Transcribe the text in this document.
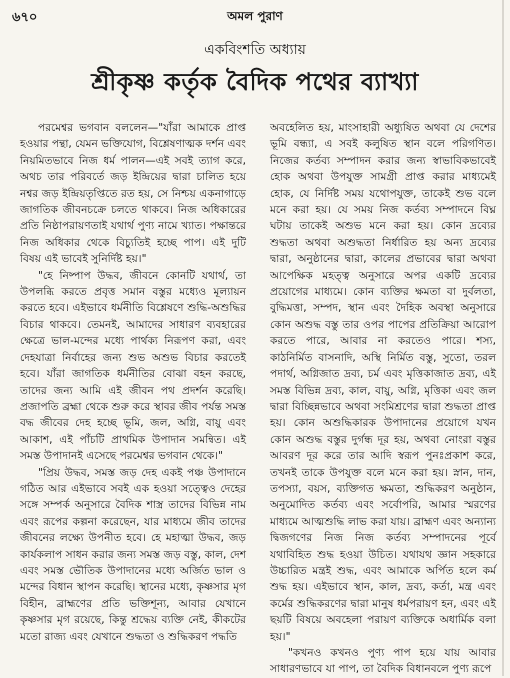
৬৭০	অমল পুরাণ
একবিংশতি অধ্যায়
শ্রীকৃষ্ণ কর্তৃক বৈদিক পথের ব্যাখ্যা

পরমেশ্বর ভগবান বললেন—"যাঁরা আমাকে প্রাপ্ত হওয়ার পন্থা, যেমন ভক্তিযোগ, বিশ্লেষণাত্মক দর্শন এবং নিয়মিতভাবে নিজ ধর্ম পালন—এই সবই ত্যাগ করে, অথচ তার পরিবর্তে জড় ইন্দ্রিয়ের দ্বারা চালিত হয়ে নশ্বর জড় ইন্দ্রিয়তৃপ্তিতে রত হয়, সে নিশ্চয় একনাগাড়ে জাগতিক জীবনচক্রে চলতে থাকবে। নিজ অধিকারের প্রতি নিষ্ঠাপরায়ণতাই যথার্থ পুণ্য নামে খ্যাত। পক্ষান্তরে নিজ অধিকার থেকে বিচ্যুতিই হচ্ছে পাপ। এই দুটি বিষয় এই ভাবেই সুনির্দিষ্ট হয়।"

"হে নিষ্পাপ উদ্ধব, জীবনে কোনটি যথার্থ, তা উপলব্ধি করতে প্রবৃত্ত সমান বস্তুর মধ্যেও মূল্যায়ন করতে হবে। এইভাবে ধর্মনীতি বিশ্লেষণে শুদ্ধি-অশুদ্ধির বিচার থাকবে। তেমনই, আমাদের সাধারণ ব্যবহারের ক্ষেত্রে ভাল-মন্দের মধ্যে পার্থক্য নিরূপণ করা, এবং দেহযাত্রা নির্বাহের জন্য শুভ অশুভ বিচার করতেই হবে। যাঁরা জাগতিক ধর্মনীতির বোঝা বহন করছে, তাদের জন্য আমি এই জীবন পথ প্রদর্শন করেছি। প্রজাপতি ব্রহ্মা থেকে শুরু করে স্থাবর জীব পর্যন্ত সমস্ত বদ্ধ জীবের দেহ হচ্ছে ভূমি, জল, অগ্নি, বায়ু এবং আকাশ, এই পাঁচটি প্রাথমিক উপাদান সমন্বিত। এই সমস্ত উপাদানই এসেছে পরমেশ্বর ভগবান থেকে।"

"প্রিয় উদ্ধব, সমস্ত জড় দেহ একই পঞ্চ উপাদানে গঠিত আর এইভাবে সবই এক হওয়া সত্ত্বেও দেহের সঙ্গে সম্পর্ক অনুসারে বৈদিক শাস্ত্র তাদের বিভিন্ন নাম এবং রূপের কল্পনা করেছেন, যার মাধ্যমে জীব তাদের জীবনের লক্ষ্যে উপনীত হবে। হে মহাত্মা উদ্ধব, জড় কার্যকলাপ সাধন করার জন্য সমস্ত জড় বস্তু, কাল, দেশ এবং সমস্ত ভৌতিক উপাদানের মধ্যে অর্জিত ভাল ও মন্দের বিধান স্থাপন করেছি। স্থানের মধ্যে, কৃষ্ণসার মৃগ বিহীন, ব্রাহ্মণের প্রতি ভক্তিশূন্য, আবার যেখানে কৃষ্ণসার মৃগ রয়েছে, কিন্তু শ্রদ্ধেয় ব্যক্তি নেই, কীকটের মতো রাজ্য এবং যেখানে শুদ্ধতা ও শুদ্ধিকরণ পদ্ধতি

অবহেলিত হয়, মাংসাহারী অধ্যুষিত অথবা যে দেশের ভূমি বন্ধ্যা, এ সবই কলুষিত স্থান বলে পরিগণিত। নিজের কর্তব্য সম্পাদন করার জন্য স্বাভাবিকভাবেই হোক অথবা উপযুক্ত সামগ্রী প্রাপ্ত করার মাধ্যমেই হোক, যে নির্দিষ্ট সময় যথোপযুক্ত, তাকেই শুভ বলে মনে করা হয়। যে সময় নিজ কর্তব্য সম্পাদনে বিঘ্ন ঘটায় তাকেই অশুভ মনে করা হয়। কোন দ্রব্যের শুদ্ধতা অথবা অশুদ্ধতা নির্ধারিত হয় অন্য দ্রব্যের দ্বারা, অনুষ্ঠানের দ্বারা, কালের প্রভাবের দ্বারা অথবা আপেক্ষিক মহত্ত্ব অনুসারে অপর একটি দ্রব্যের প্রয়োগের মাধ্যমে। কোন ব্যক্তির ক্ষমতা বা দুর্বলতা, বুদ্ধিমত্তা, সম্পদ, স্থান এবং দৈহিক অবস্থা অনুসারে কোন অশুদ্ধ বস্তু তার ওপর পাপের প্রতিক্রিয়া আরোপ করতে পারে, আবার না করতেও পারে। শস্য, কাঠনির্মিত বাসনাদি, অস্থি নির্মিত বস্তু, সুতো, তরল পদার্থ, অগ্নিজাত দ্রব্য, চর্ম এবং মৃত্তিকাজাত দ্রব্য, এই সমস্ত বিভিন্ন দ্রব্য, কাল, বায়ু, অগ্নি, মৃত্তিকা এবং জল দ্বারা বিচ্ছিন্নভাবে অথবা সংমিশ্রণের দ্বারা শুদ্ধতা প্রাপ্ত হয়। কোন অশুদ্ধিকারক উপাদানের প্রয়োগে যখন কোন অশুদ্ধ বস্তুর দুর্গন্ধ দূর হয়, অথবা নোংরা বস্তুর আবরণ দূর করে তার আদি স্বরূপ পুনঃপ্রকাশ করে, তখনই তাকে উপযুক্ত বলে মনে করা হয়। স্নান, দান, তপস্যা, বয়স, ব্যক্তিগত ক্ষমতা, শুদ্ধিকরণ অনুষ্ঠান, অনুমোদিত কর্তব্য এবং সর্বোপরি, আমার স্মরণের মাধ্যমে আত্মশুদ্ধি লাভ করা যায়। ব্রাহ্মণ এবং অন্যান্য দ্বিজগণের নিজ নিজ কর্তব্য সম্পাদনের পূর্বে যথাবিহিত শুদ্ধ হওয়া উচিত। যথাযথ জ্ঞান সহকারে উচ্চারিত মন্ত্রই শুদ্ধ, এবং আমাকে অর্পিত হলে কর্ম শুদ্ধ হয়। এইভাবে স্থান, কাল, দ্রব্য, কর্তা, মন্ত্র এবং কর্মের শুদ্ধিকরণের দ্বারা মানুষ ধর্মপরায়ণ হন, এবং এই ছয়টি বিষয়ে অবহেলা পরায়ণ ব্যক্তিকে অধার্মিক বলা হয়।"

"কখনও কখনও পুণ্য পাপ হয়ে যায় আবার সাধারণভাবে যা পাপ, তা বৈদিক বিধানবলে পুণ্য রূপে
